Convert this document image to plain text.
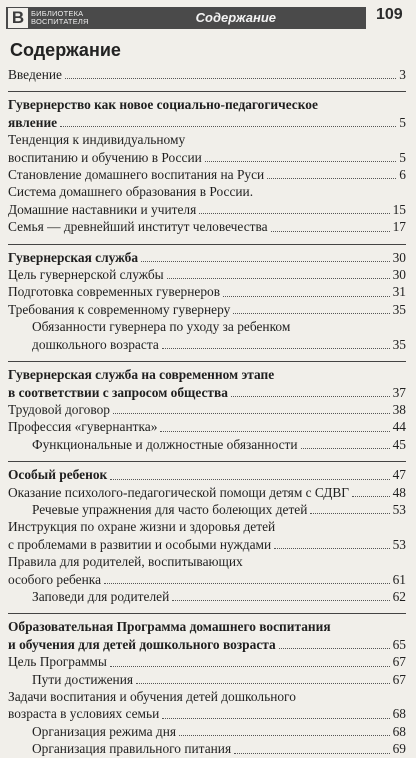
В БИБЛИОТЕКА
ВОСПИТАТЕЛЯ	Содержание	109
Содержание
Введение	3
Гувернерство как новое социально-педагогическое
явление	5
Тенденция к индивидуальному
воспитанию и обучению в России	5
Становление домашнего воспитания на Руси	6
Система домашнего образования в России.
Домашние наставники и учителя	15
Семья — древнейший институт человечества	17
Гувернерская служба	30
Цель гувернерской службы	30
Подготовка современных гувернеров	31
Требования к современному гувернеру	35
Обязанности гувернера по уходу за ребенком
дошкольного возраста	35
Гувернерская служба на современном этапе
в соответствии с запросом общества	37
Трудовой договор	38
Профессия «гувернантка»	44
Функциональные и должностные обязанности	45
Особый ребенок	47
Оказание психолого-педагогической помощи детям с СДВГ	48
Речевые упражнения для часто болеющих детей	53
Инструкция по охране жизни и здоровья детей
с проблемами в развитии и особыми нуждами	53
Правила для родителей, воспитывающих
особого ребенка	61
Заповеди для родителей	62
Образовательная Программа домашнего воспитания
и обучения для детей дошкольного возраста	65
Цель Программы	67
Пути достижения	67
Задачи воспитания и обучения детей дошкольного
возраста в условиях семьи	68
Организация режима дня	68
Организация правильного питания	69
